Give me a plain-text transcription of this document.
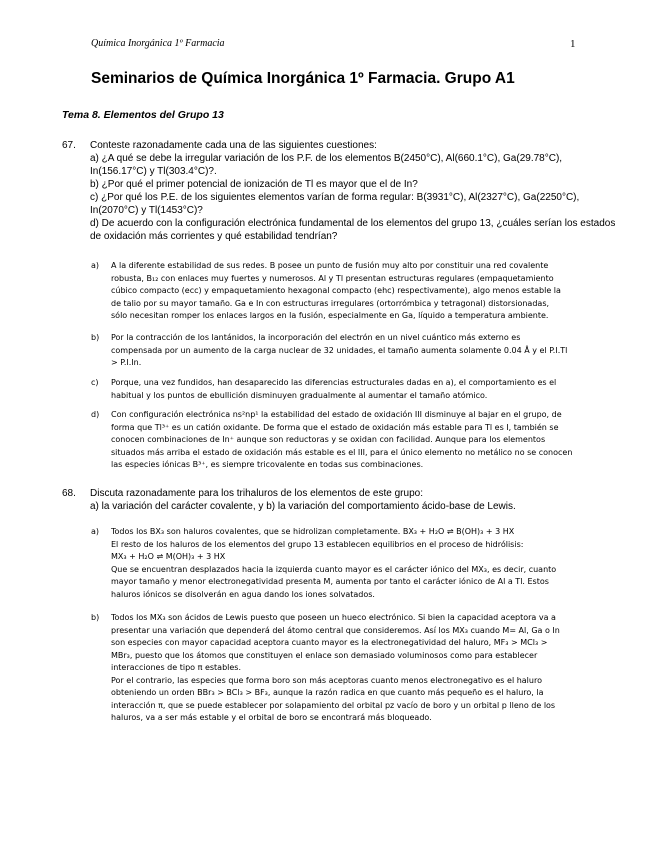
Química Inorgánica 1º Farmacia	1
Seminarios de Química Inorgánica 1º Farmacia. Grupo A1
Tema 8. Elementos del Grupo 13
67. Conteste razonadamente cada una de las siguientes cuestiones:
a) ¿A qué se debe la irregular variación de los P.F. de los elementos B(2450°C), Al(660.1°C), Ga(29.78°C),
In(156.17°C) y Tl(303.4°C)?.
b) ¿Por qué el primer potencial de ionización de Tl es mayor que el de In?
c) ¿Por qué los P.E. de los siguientes elementos varían de forma regular: B(3931°C), Al(2327°C), Ga(2250°C),
In(2070°C) y Tl(1453°C)?
d) De acuerdo con la configuración electrónica fundamental de los elementos del grupo 13, ¿cuáles serían los estados
de oxidación más corrientes y qué estabilidad tendrían?
a) A la diferente estabilidad de sus redes. B posee un punto de fusión muy alto por constituir una red covalente
robusta, B₁₂ con enlaces muy fuertes y numerosos. Al y Tl presentan estructuras regulares (empaquetamiento
cúbico compacto (ecc) y empaquetamiento hexagonal compacto (ehc) respectivamente), algo menos estable la
de talio por su mayor tamaño. Ga e In con estructuras irregulares (ortorrómbica y tetragonal) distorsionadas,
sólo necesitan romper los enlaces largos en la fusión, especialmente en Ga, líquido a temperatura ambiente.
b) Por la contracción de los lantánidos, la incorporación del electrón en un nivel cuántico más externo es
compensada por un aumento de la carga nuclear de 32 unidades, el tamaño aumenta solamente 0.04 Å y el P.I.Tl
> P.I.In.
c) Porque, una vez fundidos, han desaparecido las diferencias estructurales dadas en a), el comportamiento es el
habitual y los puntos de ebullición disminuyen gradualmente al aumentar el tamaño atómico.
d) Con configuración electrónica ns²np¹ la estabilidad del estado de oxidación III disminuye al bajar en el grupo, de
forma que Tl³⁺ es un catión oxidante. De forma que el estado de oxidación más estable para Tl es I, también se
conocen combinaciones de In⁺ aunque son reductoras y se oxidan con facilidad. Aunque para los elementos
situados más arriba el estado de oxidación más estable es el III, para el único elemento no metálico no se conocen
las especies iónicas B³⁺, es siempre tricovalente en todas sus combinaciones.
68. Discuta razonadamente para los trihaluros de los elementos de este grupo:
a) la variación del carácter covalente, y b) la variación del comportamiento ácido-base de Lewis.
a) Todos los BX₃ son haluros covalentes, que se hidrolizan completamente. BX₃ + H₂O ⇌ B(OH)₃ + 3 HX
El resto de los haluros de los elementos del grupo 13 establecen equilibrios en el proceso de hidrólisis:
MX₃ + H₂O ⇌ M(OH)₃ + 3 HX
Que se encuentran desplazados hacia la izquierda cuanto mayor es el carácter iónico del MX₃, es decir, cuanto
mayor tamaño y menor electronegatividad presenta M, aumenta por tanto el carácter iónico de Al a Tl. Estos
haluros iónicos se disolverán en agua dando los iones solvatados.
b) Todos los MX₃ son ácidos de Lewis puesto que poseen un hueco electrónico. Si bien la capacidad aceptora va a
presentar una variación que dependerá del átomo central que consideremos. Así los MX₃ cuando M= Al, Ga o In
son especies con mayor capacidad aceptora cuanto mayor es la electronegatividad del haluro, MF₃ > MCl₃ >
MBr₃, puesto que los átomos que constituyen el enlace son demasiado voluminosos como para establecer
interacciones de tipo π estables.
Por el contrario, las especies que forma boro son más aceptoras cuanto menos electronegativo es el haluro
obteniendo un orden BBr₃ > BCl₃ > BF₃, aunque la razón radica en que cuanto más pequeño es el haluro, la
interacción π, que se puede establecer por solapamiento del orbital pz vacío de boro y un orbital p lleno de los
haluros, va a ser más estable y el orbital de boro se encontrará más bloqueado.
